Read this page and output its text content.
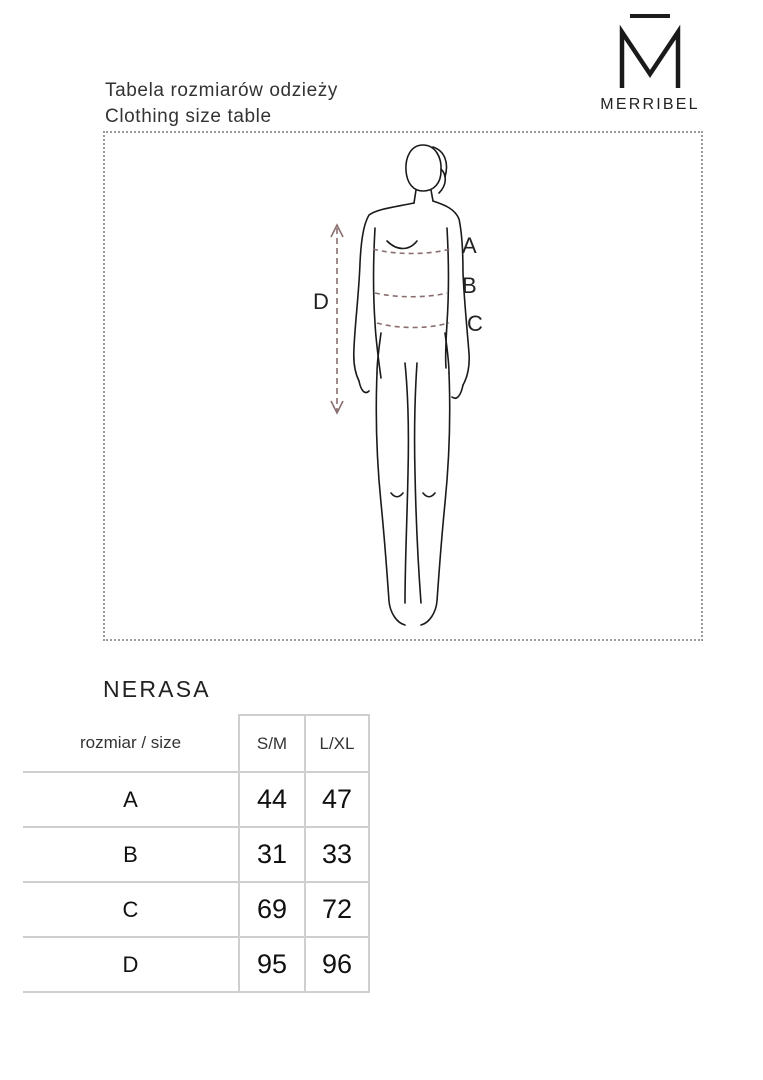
Tabela rozmiarów odzieży
Clothing size table
MERRIBEL
A
B
C
D
NERASA
rozmiar / size	S/M	L/XL
A	44	47
B	31	33
C	69	72
D	95	96
